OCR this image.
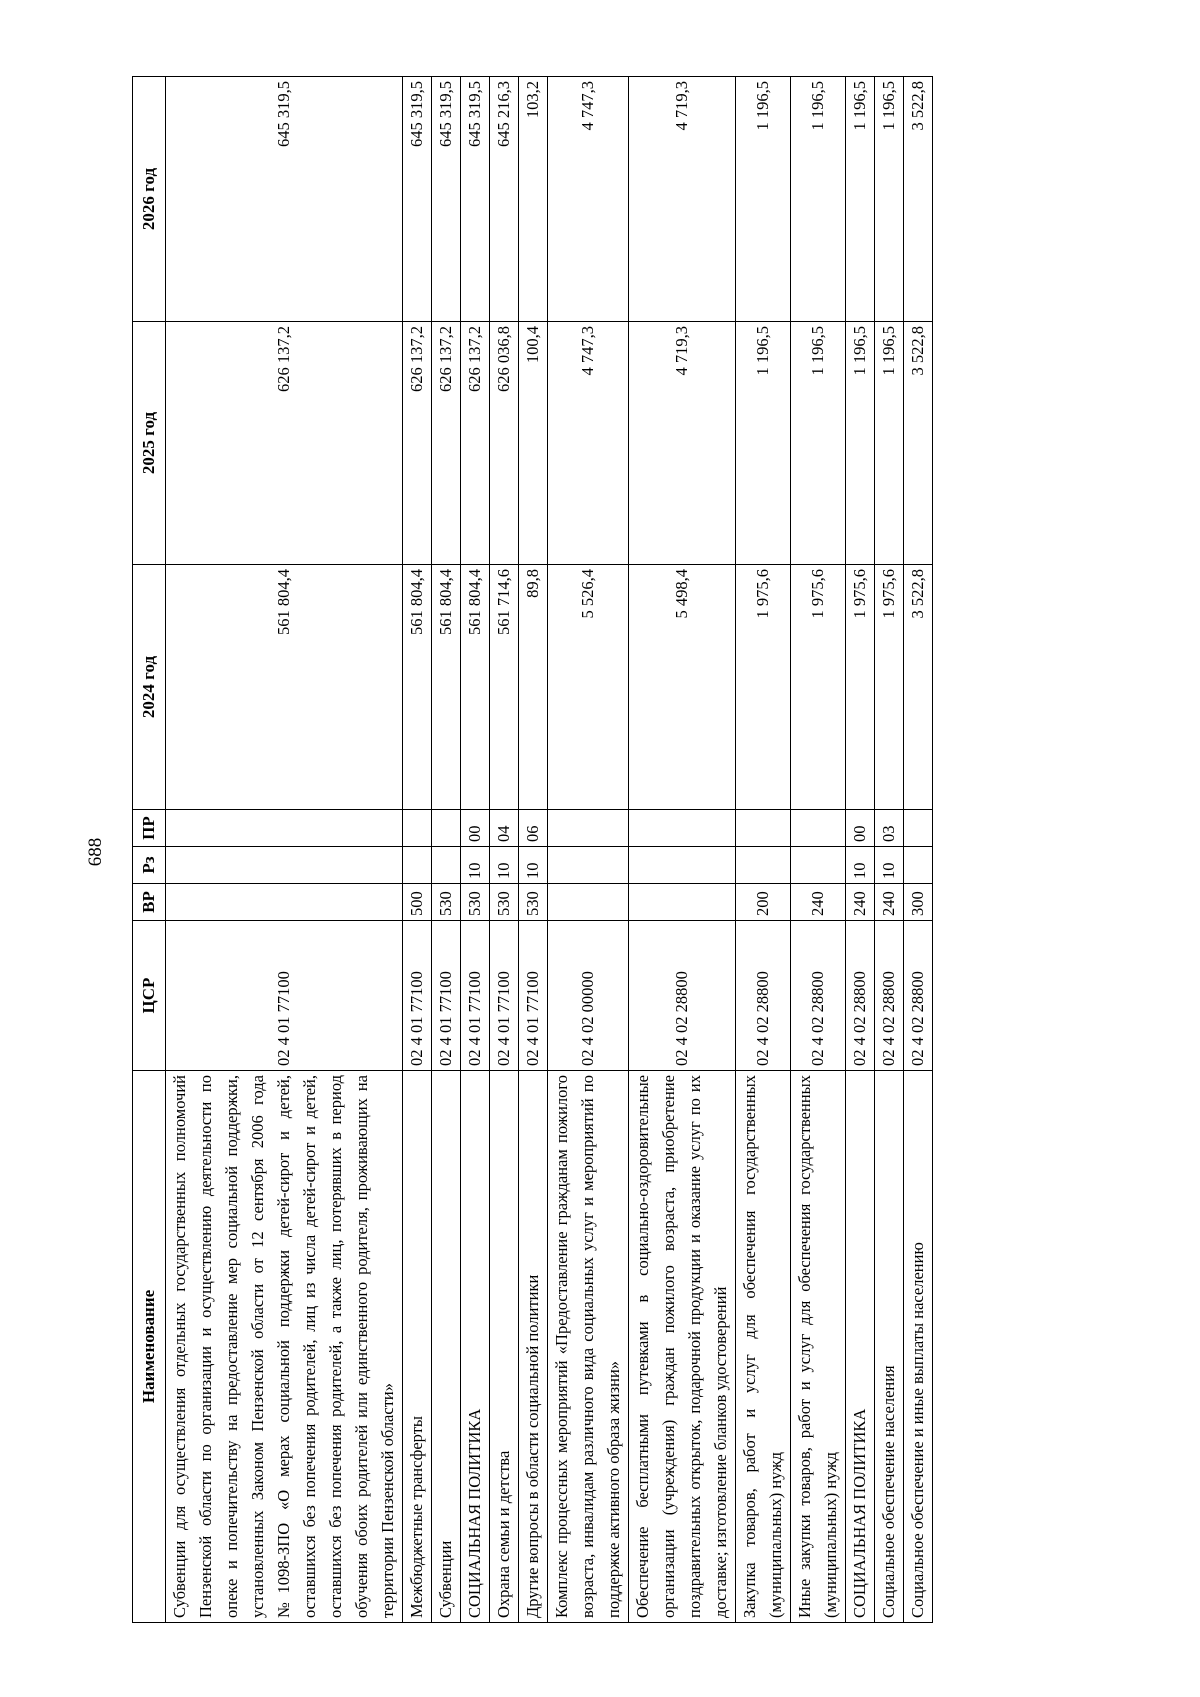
688
Наименование	ЦСР	ВР	Рз	ПР	2024 год	2025 год	2026 год
Субвенции для осуществления отдельных государственных полномочий Пензенской области по организации и осуществлению деятельности по опеке и попечительству на предоставление мер социальной поддержки, установленных Законом Пензенской области от 12 сентября 2006 года №1098-ЗПО «О мерах социальной поддержки детей-сирот и детей, оставшихся без попечения родителей, лиц из числа детей-сирот и детей, оставшихся без попечения родителей, а также лиц, потерявших в период обучения обоих родителей или единственного родителя, проживающих на территории Пензенской области»	02 4 01 77100				561 804,4	626 137,2	645 319,5
Межбюджетные трансферты	02 4 01 77100	500			561 804,4	626 137,2	645 319,5
Субвенции	02 4 01 77100	530			561 804,4	626 137,2	645 319,5
СОЦИАЛЬНАЯ ПОЛИТИКА	02 4 01 77100	530	10	00	561 804,4	626 137,2	645 319,5
Охрана семьи и детства	02 4 01 77100	530	10	04	561 714,6	626 036,8	645 216,3
Другие вопросы в области социальной политики	02 4 01 77100	530	10	06	89,8	100,4	103,2
Комплекс процессных мероприятий «Предоставление гражданам пожилого возраста, инвалидам различного вида социальных услуг и мероприятий по поддержке активного образа жизни»	02 4 02 00000				5 526,4	4 747,3	4 747,3
Обеспечение бесплатными путевками в социально-оздоровительные организации (учреждения) граждан пожилого возраста, приобретение поздравительных открыток, подарочной продукции и оказание услуг по их доставке; изготовление бланков удостоверений	02 4 02 28800				5 498,4	4 719,3	4 719,3
Закупка товаров, работ и услуг для обеспечения государственных (муниципальных) нужд	02 4 02 28800	200			1 975,6	1 196,5	1 196,5
Иные закупки товаров, работ и услуг для обеспечения государственных (муниципальных) нужд	02 4 02 28800	240			1 975,6	1 196,5	1 196,5
СОЦИАЛЬНАЯ ПОЛИТИКА	02 4 02 28800	240	10	00	1 975,6	1 196,5	1 196,5
Социальное обеспечение населения	02 4 02 28800	240	10	03	1 975,6	1 196,5	1 196,5
Социальное обеспечение и иные выплаты населению	02 4 02 28800	300			3 522,8	3 522,8	3 522,8
